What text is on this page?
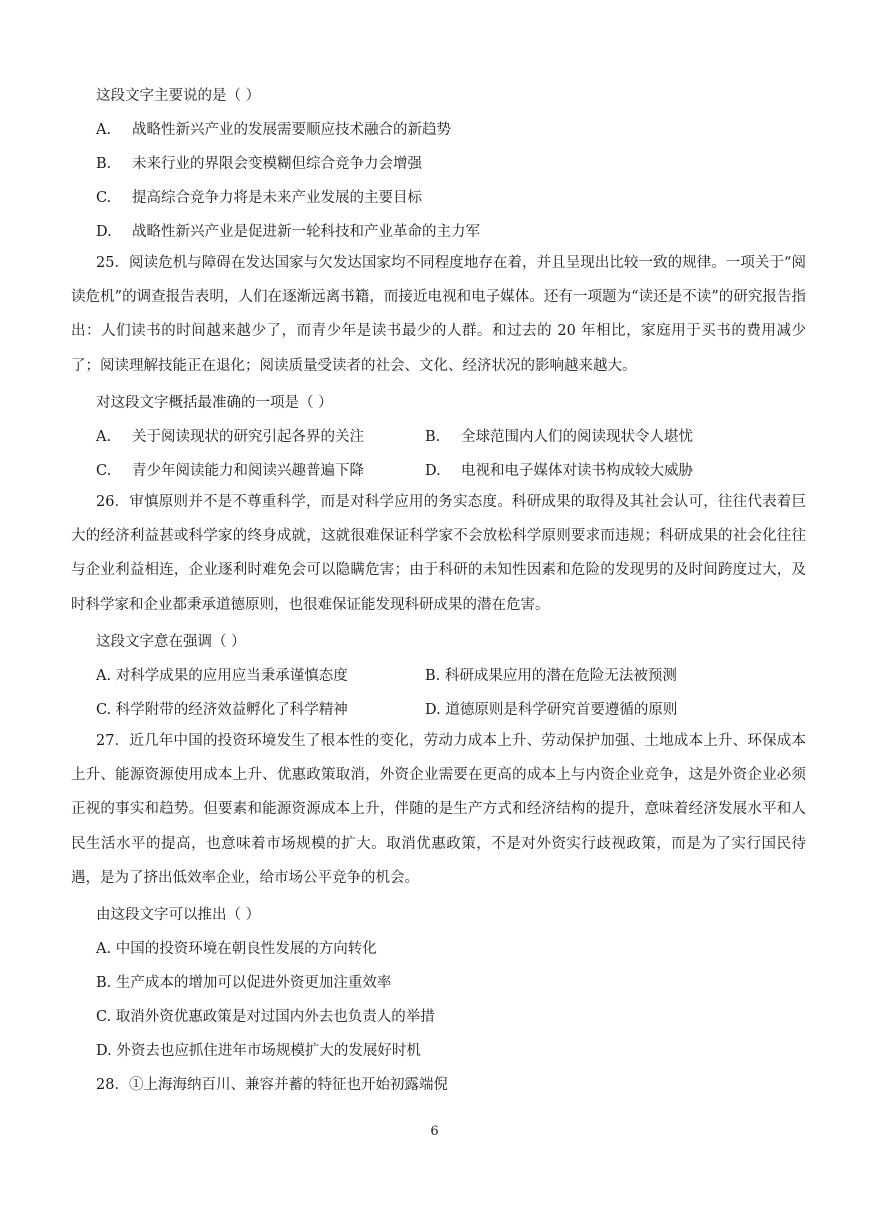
这段文字主要说的是（ ）
A. 战略性新兴产业的发展需要顺应技术融合的新趋势
B. 未来行业的界限会变模糊但综合竞争力会增强
C. 提高综合竞争力将是未来产业发展的主要目标
D. 战略性新兴产业是促进新一轮科技和产业革命的主力军
25．阅读危机与障碍在发达国家与欠发达国家均不同程度地存在着，并且呈现出比较一致的规律。一项关于“阅读危机”的调查报告表明，人们在逐渐远离书籍，而接近电视和电子媒体。还有一项题为“读还是不读”的研究报告指出：人们读书的时间越来越少了，而青少年是读书最少的人群。和过去的 20 年相比，家庭用于买书的费用减少了；阅读理解技能正在退化；阅读质量受读者的社会、文化、经济状况的影响越来越大。
对这段文字概括最准确的一项是（ ）
A. 关于阅读现状的研究引起各界的关注	B. 全球范围内人们的阅读现状令人堪忧
C. 青少年阅读能力和阅读兴趣普遍下降	D. 电视和电子媒体对读书构成较大威胁
26．审慎原则并不是不尊重科学，而是对科学应用的务实态度。科研成果的取得及其社会认可，往往代表着巨大的经济利益甚或科学家的终身成就，这就很难保证科学家不会放松科学原则要求而违规；科研成果的社会化往往与企业利益相连，企业逐利时难免会可以隐瞒危害；由于科研的未知性因素和危险的发现男的及时间跨度过大，及时科学家和企业都秉承道德原则，也很难保证能发现科研成果的潜在危害。
这段文字意在强调（ ）
A. 对科学成果的应用应当秉承谨慎态度	B. 科研成果应用的潜在危险无法被预测
C. 科学附带的经济效益孵化了科学精神	D. 道德原则是科学研究首要遵循的原则
27．近几年中国的投资环境发生了根本性的变化，劳动力成本上升、劳动保护加强、土地成本上升、环保成本上升、能源资源使用成本上升、优惠政策取消，外资企业需要在更高的成本上与内资企业竞争，这是外资企业必须正视的事实和趋势。但要素和能源资源成本上升，伴随的是生产方式和经济结构的提升，意味着经济发展水平和人民生活水平的提高，也意味着市场规模的扩大。取消优惠政策，不是对外资实行歧视政策，而是为了实行国民待遇，是为了挤出低效率企业，给市场公平竞争的机会。
由这段文字可以推出（ ）
A. 中国的投资环境在朝良性发展的方向转化
B. 生产成本的增加可以促进外资更加注重效率
C. 取消外资优惠政策是对过国内外去也负责人的举措
D. 外资去也应抓住进年市场规模扩大的发展好时机
28．①上海海纳百川、兼容并蓄的特征也开始初露端倪
6
